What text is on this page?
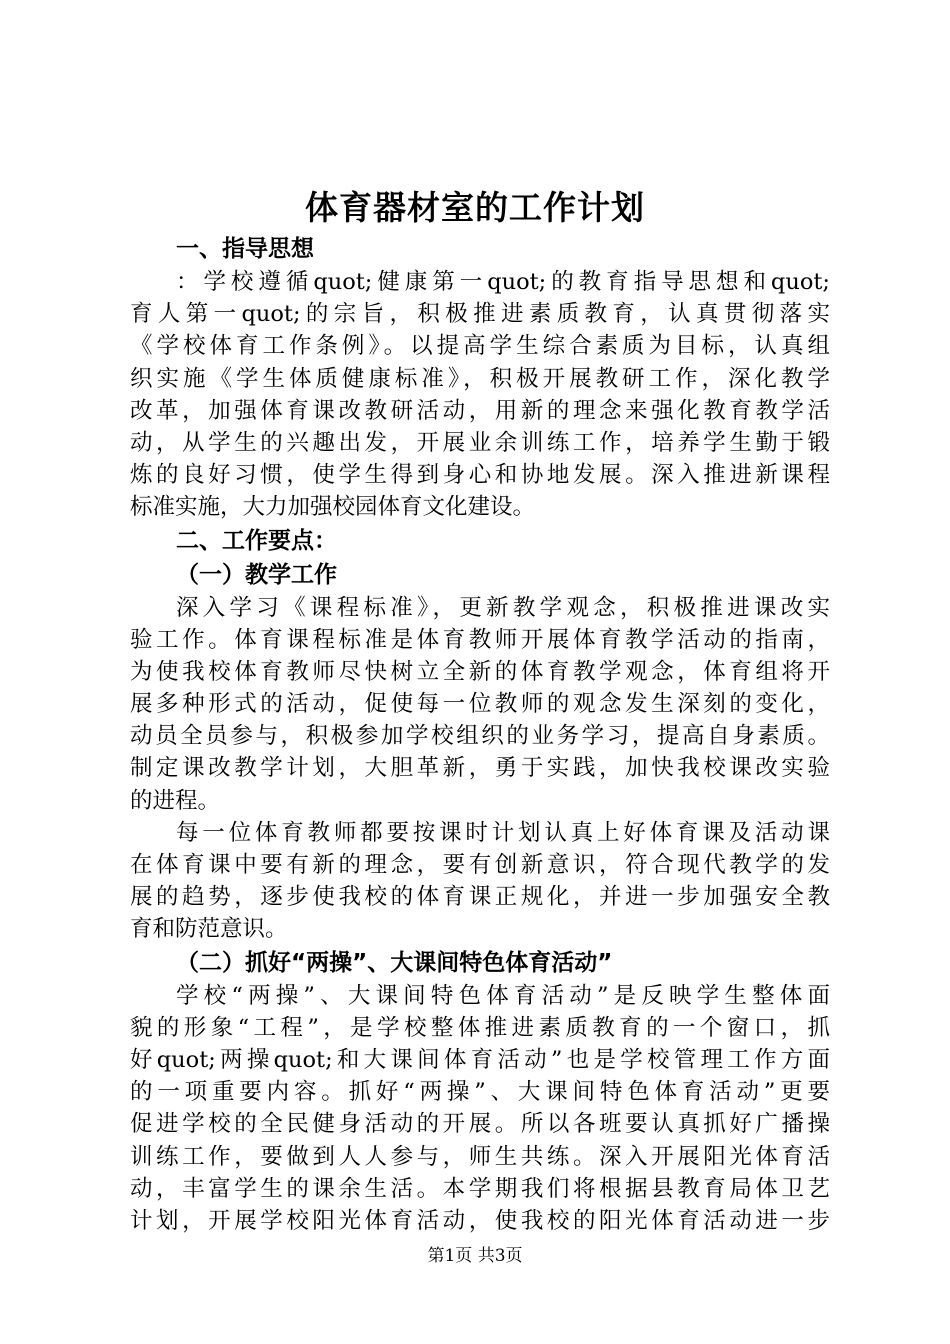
体育器材室的工作计划
一、指导思想
：学校遵循quot;健康第一quot;的教育指导思想和quot;
育人第一quot;的宗旨，积极推进素质教育，认真贯彻落实
《学校体育工作条例》。以提高学生综合素质为目标，认真组
织实施《学生体质健康标准》，积极开展教研工作，深化教学
改革，加强体育课改教研活动，用新的理念来强化教育教学活
动，从学生的兴趣出发，开展业余训练工作，培养学生勤于锻
炼的良好习惯，使学生得到身心和协地发展。深入推进新课程
标准实施，大力加强校园体育文化建设。
二、工作要点：
（一）教学工作
深入学习《课程标准》，更新教学观念，积极推进课改实
验工作。体育课程标准是体育教师开展体育教学活动的指南，
为使我校体育教师尽快树立全新的体育教学观念，体育组将开
展多种形式的活动，促使每一位教师的观念发生深刻的变化，
动员全员参与，积极参加学校组织的业务学习，提高自身素质。
制定课改教学计划，大胆革新，勇于实践，加快我校课改实验
的进程。
每一位体育教师都要按课时计划认真上好体育课及活动课
在体育课中要有新的理念，要有创新意识，符合现代教学的发
展的趋势，逐步使我校的体育课正规化，并进一步加强安全教
育和防范意识。
（二）抓好“两操”、大课间特色体育活动”
学校“两操”、大课间特色体育活动”是反映学生整体面
貌的形象“工程”，是学校整体推进素质教育的一个窗口，抓
好quot;两操quot;和大课间体育活动”也是学校管理工作方面
的一项重要内容。抓好“两操”、大课间特色体育活动”更要
促进学校的全民健身活动的开展。所以各班要认真抓好广播操
训练工作，要做到人人参与，师生共练。深入开展阳光体育活
动，丰富学生的课余生活。本学期我们将根据县教育局体卫艺
计划，开展学校阳光体育活动，使我校的阳光体育活动进一步
第1页 共3页
